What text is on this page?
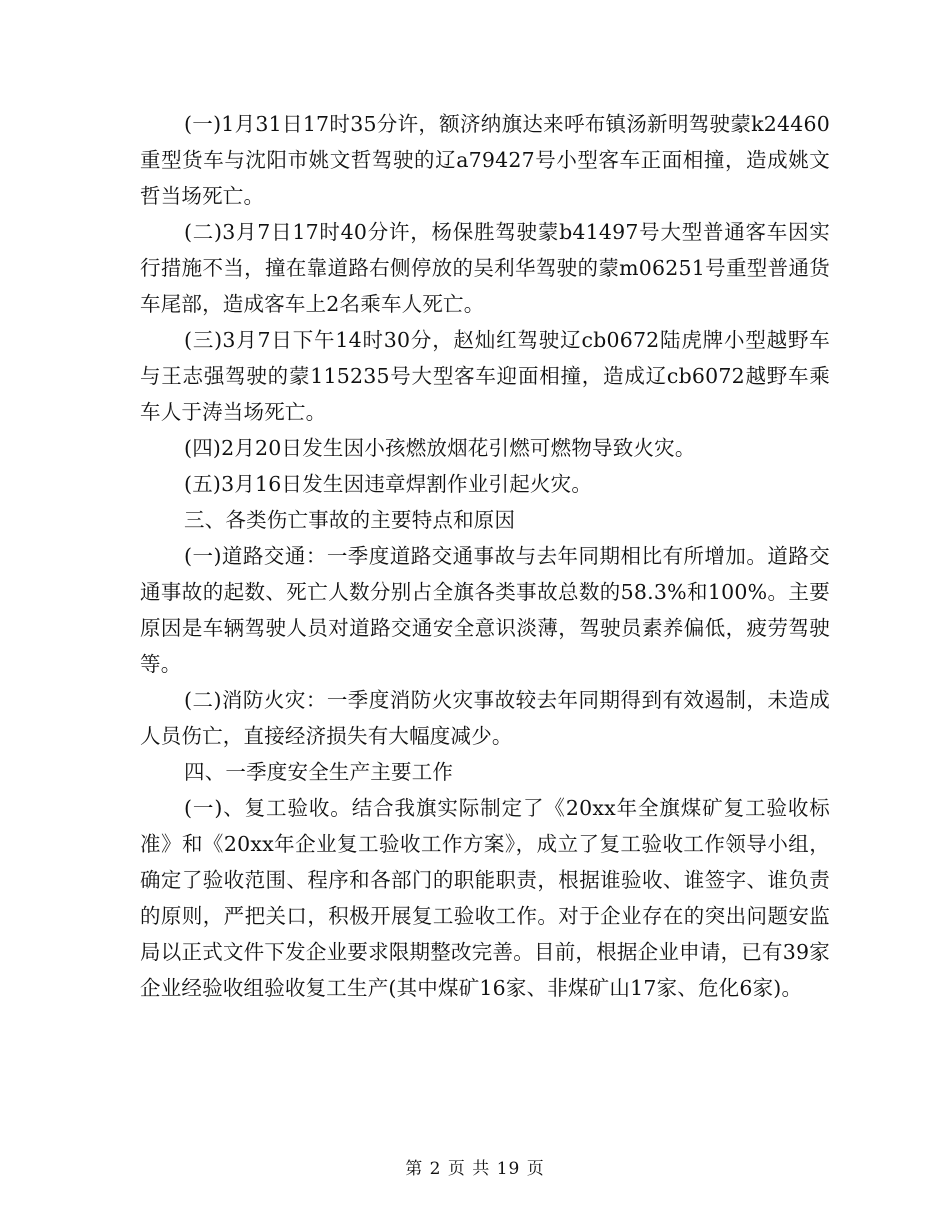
(一)1月31日17时35分许，额济纳旗达来呼布镇汤新明驾驶蒙k24460重型货车与沈阳市姚文哲驾驶的辽a79427号小型客车正面相撞，造成姚文哲当场死亡。

(二)3月7日17时40分许，杨保胜驾驶蒙b41497号大型普通客车因实行措施不当，撞在靠道路右侧停放的吴利华驾驶的蒙m06251号重型普通货车尾部，造成客车上2名乘车人死亡。

(三)3月7日下午14时30分，赵灿红驾驶辽cb0672陆虎牌小型越野车与王志强驾驶的蒙115235号大型客车迎面相撞，造成辽cb6072越野车乘车人于涛当场死亡。

(四)2月20日发生因小孩燃放烟花引燃可燃物导致火灾。

(五)3月16日发生因违章焊割作业引起火灾。

三、各类伤亡事故的主要特点和原因

(一)道路交通：一季度道路交通事故与去年同期相比有所增加。道路交通事故的起数、死亡人数分别占全旗各类事故总数的58.3%和100%。主要原因是车辆驾驶人员对道路交通安全意识淡薄，驾驶员素养偏低，疲劳驾驶等。

(二)消防火灾：一季度消防火灾事故较去年同期得到有效遏制，未造成人员伤亡，直接经济损失有大幅度减少。

四、一季度安全生产主要工作

(一)、复工验收。结合我旗实际制定了《20xx年全旗煤矿复工验收标准》和《20xx年企业复工验收工作方案》，成立了复工验收工作领导小组，确定了验收范围、程序和各部门的职能职责，根据谁验收、谁签字、谁负责的原则，严把关口，积极开展复工验收工作。对于企业存在的突出问题安监局以正式文件下发企业要求限期整改完善。目前，根据企业申请，已有39家企业经验收组验收复工生产(其中煤矿16家、非煤矿山17家、危化6家)。

第 2 页 共 19 页
